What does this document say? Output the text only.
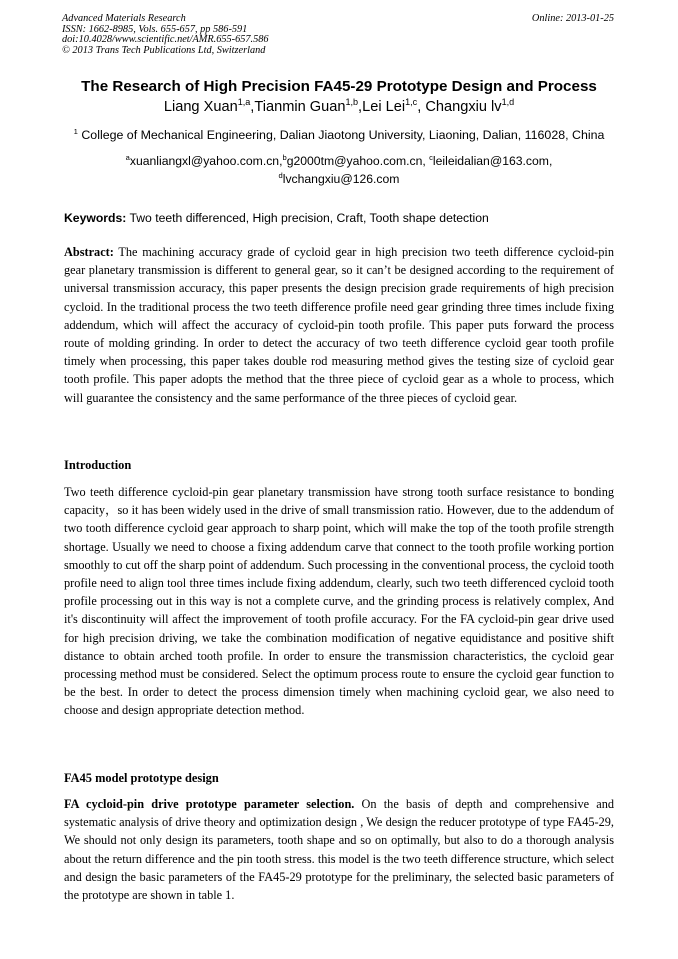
Advanced Materials Research
ISSN: 1662-8985, Vols. 655-657, pp 586-591
doi:10.4028/www.scientific.net/AMR.655-657.586
© 2013 Trans Tech Publications Ltd, Switzerland
Online: 2013-01-25
The Research of High Precision FA45-29 Prototype Design and Process
Liang Xuan$^{1,a}$,Tianmin Guan$^{1,b}$,Lei Lei$^{1,c}$, Changxiu lv$^{1,d}$
$^1$ College of Mechanical Engineering, Dalian Jiaotong University, Liaoning, Dalian, 116028, China
$^a$xuanliangxl@yahoo.com.cn,$^b$g2000tm@yahoo.com.cn, $^c$leileidalian@163.com,
$^d$lvchangxiu@126.com
Keywords: Two teeth differenced, High precision, Craft, Tooth shape detection
Abstract: The machining accuracy grade of cycloid gear in high precision two teeth difference cycloid-pin gear planetary transmission is different to general gear, so it can’t be designed according to the requirement of universal transmission accuracy, this paper presents the design precision grade requirements of high precision cycloid. In the traditional process the two teeth difference profile need gear grinding three times include fixing addendum, which will affect the accuracy of cycloid-pin tooth profile. This paper puts forward the process route of molding grinding. In order to detect the accuracy of two teeth difference cycloid gear tooth profile timely when processing, this paper takes double rod measuring method gives the testing size of cycloid gear tooth profile. This paper adopts the method that the three piece of cycloid gear as a whole to process, which will guarantee the consistency and the same performance of the three pieces of cycloid gear.
Introduction
Two teeth difference cycloid-pin gear planetary transmission have strong tooth surface resistance to bonding capacity，so it has been widely used in the drive of small transmission ratio. However, due to the addendum of two tooth difference cycloid gear approach to sharp point, which will make the top of the tooth profile strength shortage. Usually we need to choose a fixing addendum carve that connect to the tooth profile working portion smoothly to cut off the sharp point of addendum. Such processing in the conventional process, the cycloid tooth profile need to align tool three times include fixing addendum, clearly, such two teeth differenced cycloid tooth profile processing out in this way is not a complete curve, and the grinding process is relatively complex, And it's discontinuity will affect the improvement of tooth profile accuracy. For the FA cycloid-pin gear drive used for high precision driving, we take the combination modification of negative equidistance and positive shift distance to obtain arched tooth profile. In order to ensure the transmission characteristics, the cycloid gear processing method must be considered. Select the optimum process route to ensure the cycloid gear function to be the best. In order to detect the process dimension timely when machining cycloid gear, we also need to choose and design appropriate detection method.
FA45 model prototype design
FA cycloid-pin drive prototype parameter selection. On the basis of depth and comprehensive and systematic analysis of drive theory and optimization design , We design the reducer prototype of type FA45-29, We should not only design its parameters, tooth shape and so on optimally, but also to do a thorough analysis about the return difference and the pin tooth stress. this model is the two teeth difference structure, which select and design the basic parameters of the FA45-29 prototype for the preliminary, the selected basic parameters of the prototype are shown in table 1.
